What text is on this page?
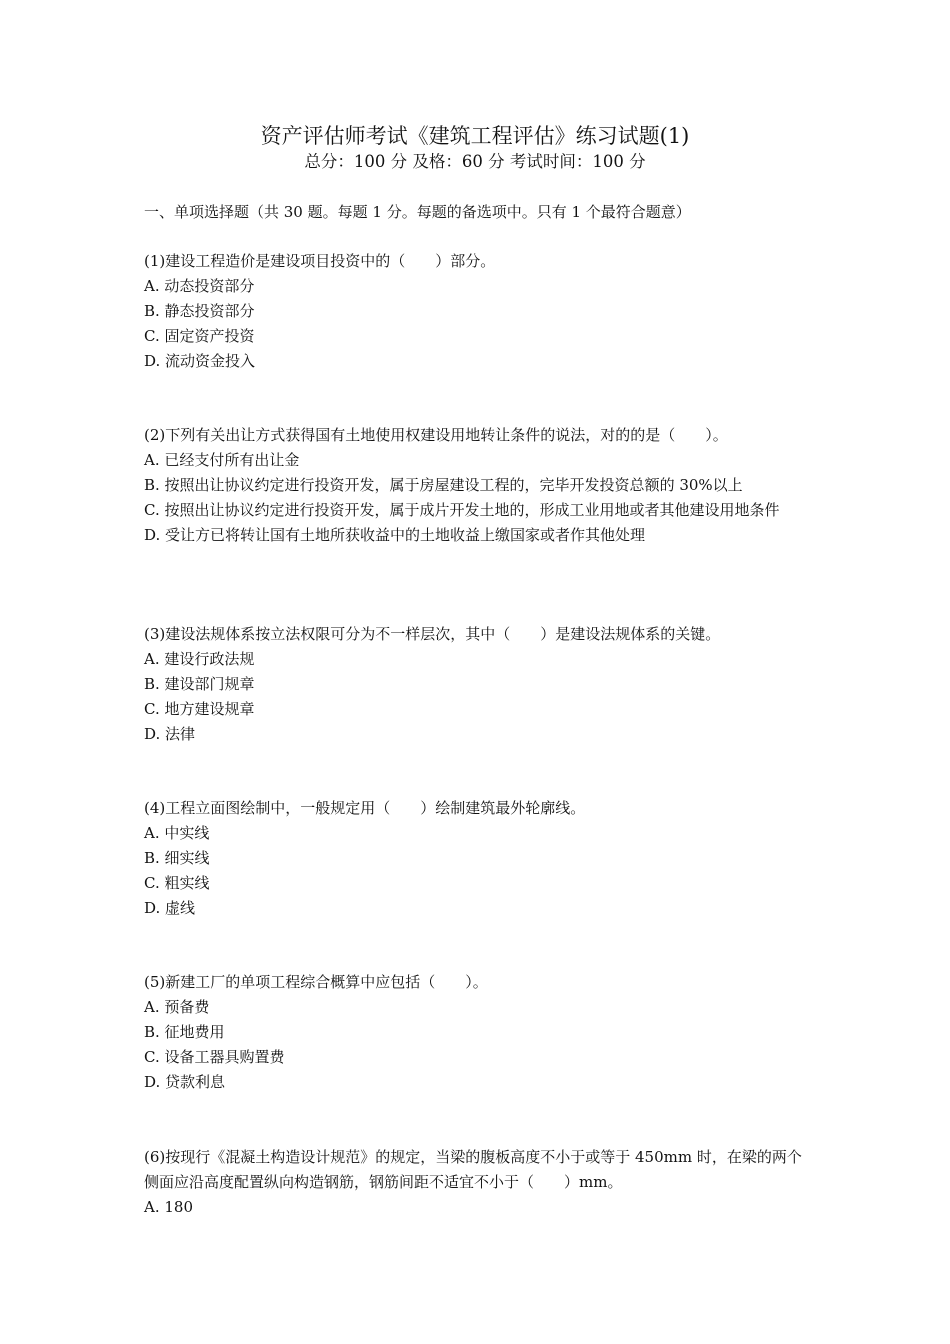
资产评估师考试《建筑工程评估》练习试题(1)
总分：100 分 及格：60 分 考试时间：100 分
一、单项选择题（共 30 题。每题 1 分。每题的备选项中。只有 1 个最符合题意）
(1)建设工程造价是建设项目投资中的（　　）部分。
A. 动态投资部分
B. 静态投资部分
C. 固定资产投资
D. 流动资金投入
(2)下列有关出让方式获得国有土地使用权建设用地转让条件的说法，对的的是（　　）。
A. 已经支付所有出让金
B. 按照出让协议约定进行投资开发，属于房屋建设工程的，完毕开发投资总额的 30%以上
C. 按照出让协议约定进行投资开发，属于成片开发土地的，形成工业用地或者其他建设用地条件
D. 受让方已将转让国有土地所获收益中的土地收益上缴国家或者作其他处理
(3)建设法规体系按立法权限可分为不一样层次，其中（　　）是建设法规体系的关键。
A. 建设行政法规
B. 建设部门规章
C. 地方建设规章
D. 法律
(4)工程立面图绘制中，一般规定用（　　）绘制建筑最外轮廓线。
A. 中实线
B. 细实线
C. 粗实线
D. 虚线
(5)新建工厂的单项工程综合概算中应包括（　　）。
A. 预备费
B. 征地费用
C. 设备工器具购置费
D. 贷款利息
(6)按现行《混凝土构造设计规范》的规定，当梁的腹板高度不小于或等于 450mm 时，在梁的两个侧面应沿高度配置纵向构造钢筋，钢筋间距不适宜不小于（　　）mm。
A. 180
